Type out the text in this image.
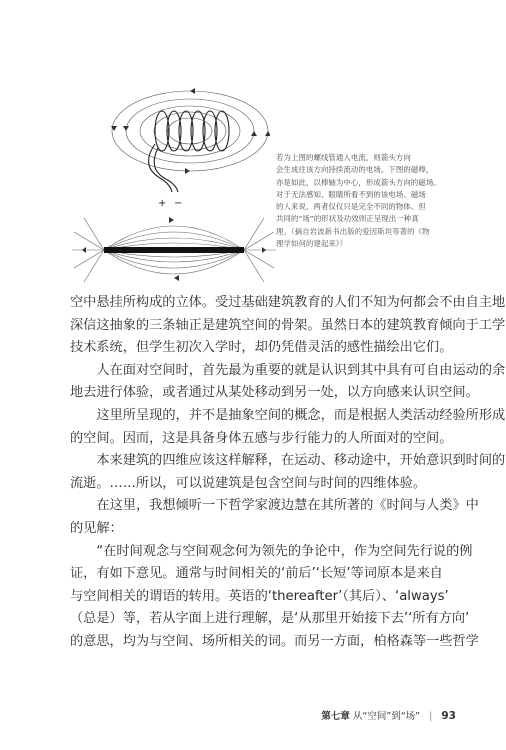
+ −
+	−
若为上图的螺线管通入电流，则箭头方向
会生成往该方向持续流动的电场。下图的磁棒，
亦是如此，以棒轴为中心，形成箭头方向的磁场。
对于无法感知、眼睛所看不到的该电场、磁场
的人来说，两者仅仅只是完全不同的物体。但
共同的“场”的形状及功效则正呈现出一种真
理。（摘自岩波新书出版的爱因斯坦等著的《物
理学如何的建起来》）
空中悬挂所构成的立体。受过基础建筑教育的人们不知为何都会不由自主地
深信这抽象的三条轴正是建筑空间的骨架。虽然日本的建筑教育倾向于工学
技术系统，但学生初次入学时，却仍凭借灵活的感性描绘出它们。
人在面对空间时，首先最为重要的就是认识到其中具有可自由运动的余
地去进行体验，或者通过从某处移动到另一处，以方向感来认识空间。
这里所呈现的，并不是抽象空间的概念，而是根据人类活动经验所形成
的空间。因而，这是具备身体五感与步行能力的人所面对的空间。
本来建筑的四维应该这样解释，在运动、移动途中，开始意识到时间的
流逝。……所以，可以说建筑是包含空间与时间的四维体验。
在这里，我想倾听一下哲学家渡边慧在其所著的《时间与人类》中
的见解：
“在时间观念与空间观念何为领先的争论中，作为空间先行说的例
证，有如下意见。通常与时间相关的‘前后’‘长短’等词原本是来自
与空间相关的谓语的转用。英语的‘thereafter’（其后）、‘always’
（总是）等，若从字面上进行理解，是‘从那里开始接下去’‘所有方向’
的意思，均为与空间、场所相关的词。而另一方面，柏格森等一些哲学
第七章 从“空间”到“场” | 93
